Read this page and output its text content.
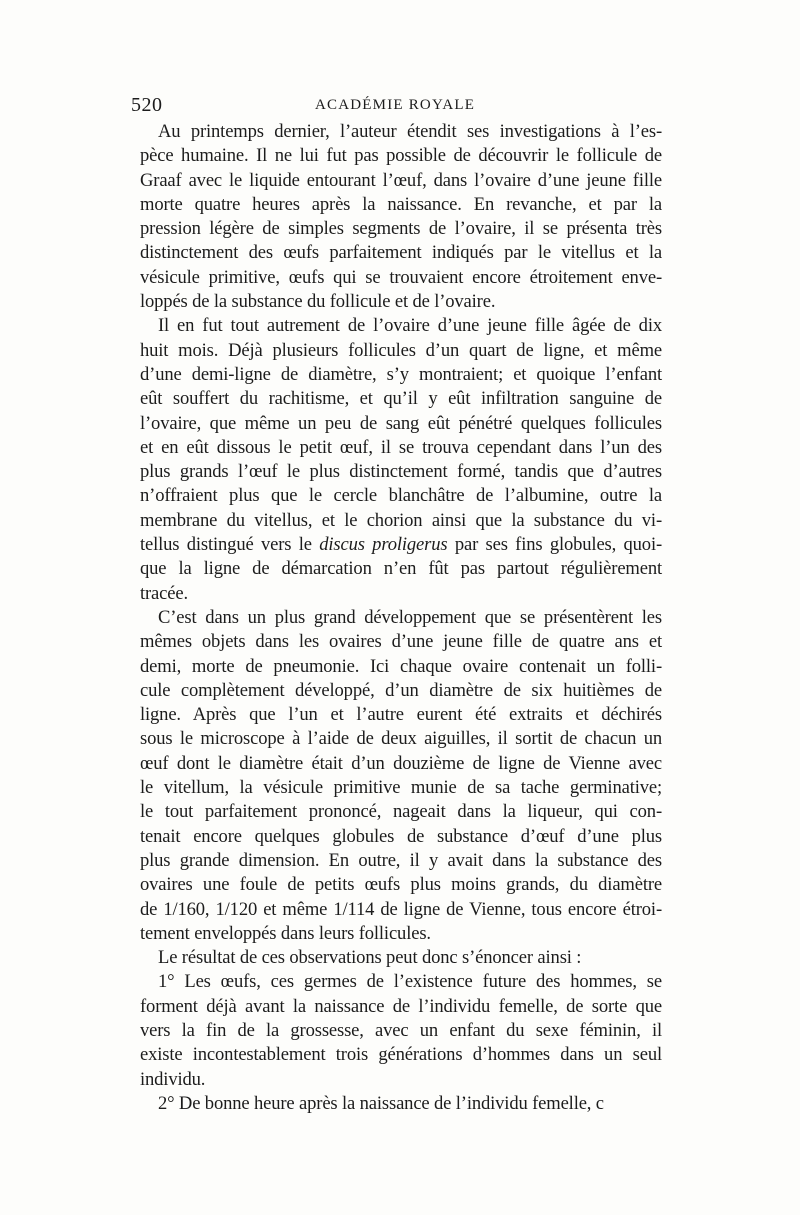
520	ACADÉMIE ROYALE
Au printemps dernier, l’auteur étendit ses investigations à l’es-
pèce humaine. Il ne lui fut pas possible de découvrir le follicule de
Graaf avec le liquide entourant l’œuf, dans l’ovaire d’une jeune fille
morte quatre heures après la naissance. En revanche, et par la
pression légère de simples segments de l’ovaire, il se présenta très
distinctement des œufs parfaitement indiqués par le vitellus et la
vésicule primitive, œufs qui se trouvaient encore étroitement enve-
loppés de la substance du follicule et de l’ovaire.
Il en fut tout autrement de l’ovaire d’une jeune fille âgée de dix
huit mois. Déjà plusieurs follicules d’un quart de ligne, et même
d’une demi-ligne de diamètre, s’y montraient; et quoique l’enfant
eût souffert du rachitisme, et qu’il y eût infiltration sanguine de
l’ovaire, que même un peu de sang eût pénétré quelques follicules
et en eût dissous le petit œuf, il se trouva cependant dans l’un des
plus grands l’œuf le plus distinctement formé, tandis que d’autres
n’offraient plus que le cercle blanchâtre de l’albumine, outre la
membrane du vitellus, et le chorion ainsi que la substance du vi-
tellus distingué vers le discus proligerus par ses fins globules, quoi-
que la ligne de démarcation n’en fût pas partout régulièrement
tracée.
C’est dans un plus grand développement que se présentèrent les
mêmes objets dans les ovaires d’une jeune fille de quatre ans et
demi, morte de pneumonie. Ici chaque ovaire contenait un folli-
cule complètement développé, d’un diamètre de six huitièmes de
ligne. Après que l’un et l’autre eurent été extraits et déchirés
sous le microscope à l’aide de deux aiguilles, il sortit de chacun un
œuf dont le diamètre était d’un douzième de ligne de Vienne avec
le vitellum, la vésicule primitive munie de sa tache germinative;
le tout parfaitement prononcé, nageait dans la liqueur, qui con-
tenait encore quelques globules de substance d’œuf d’une plus
plus grande dimension. En outre, il y avait dans la substance des
ovaires une foule de petits œufs plus moins grands, du diamètre
de 1/160, 1/120 et même 1/114 de ligne de Vienne, tous encore étroi-
tement enveloppés dans leurs follicules.
Le résultat de ces observations peut donc s’énoncer ainsi :
1° Les œufs, ces germes de l’existence future des hommes, se
forment déjà avant la naissance de l’individu femelle, de sorte que
vers la fin de la grossesse, avec un enfant du sexe féminin, il
existe incontestablement trois générations d’hommes dans un seul
individu.
2° De bonne heure après la naissance de l’individu femelle, c
